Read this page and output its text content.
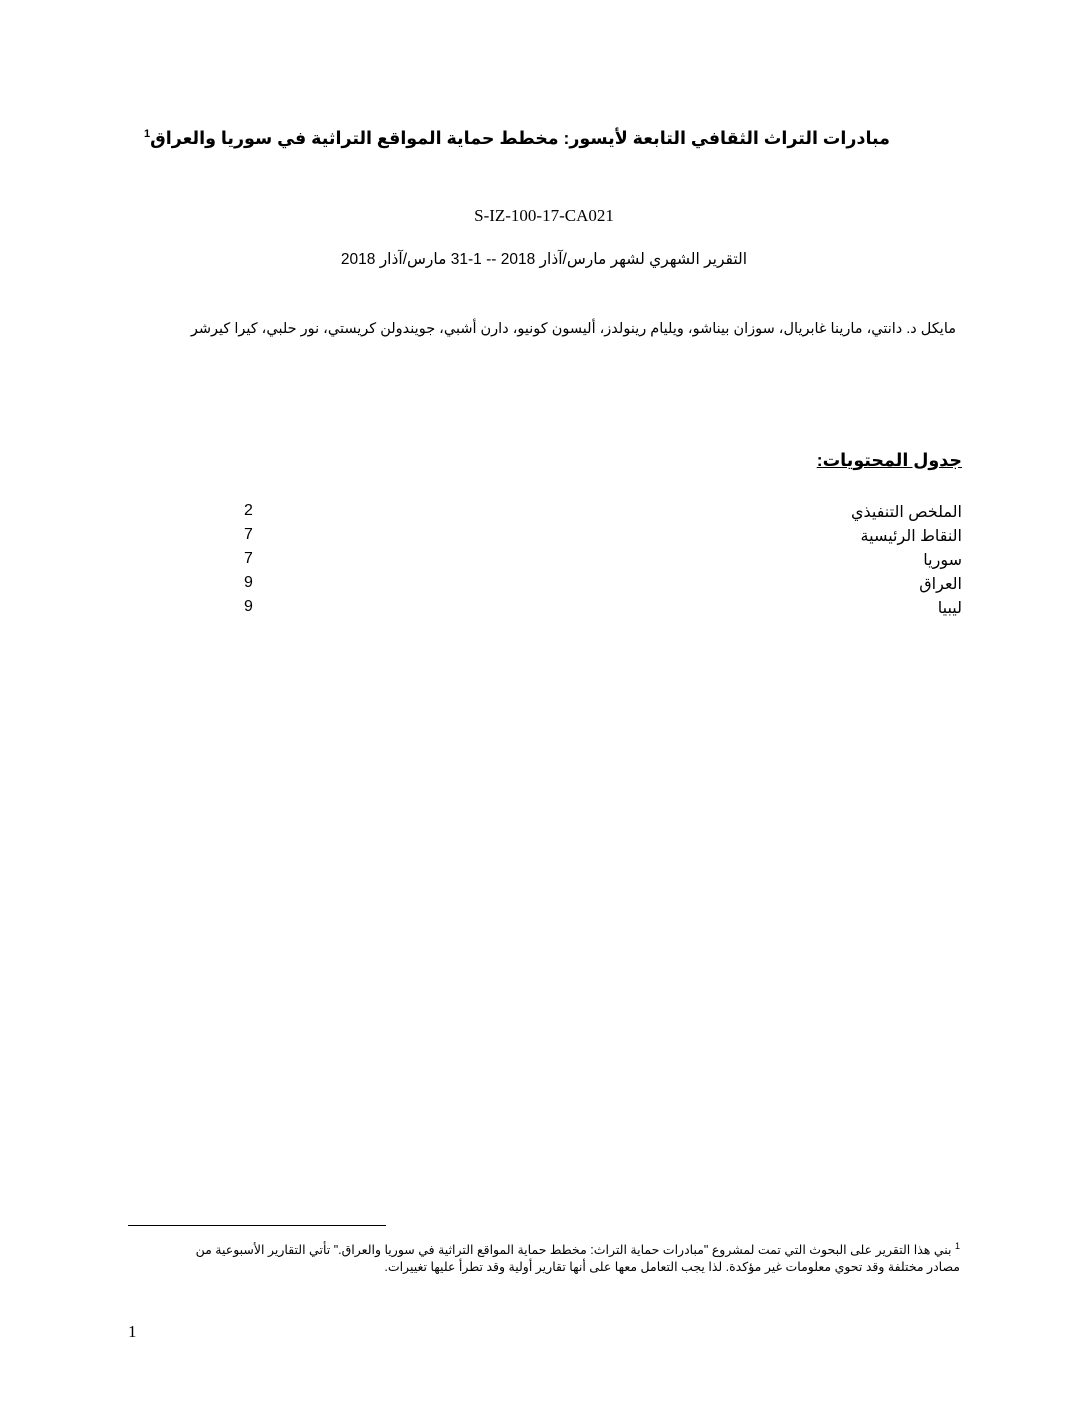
مبادرات التراث الثقافي التابعة لأيسور: مخطط حماية المواقع التراثية في سوريا والعراق$^1$
S-IZ-100-17-CA021
التقرير الشهري لشهر مارس/آذار 2018 -- 1-31 مارس/آذار 2018
مايكل د. دانتي، مارينا غابريال، سوزان بيناشو، ويليام رينولدز، أليسون كونيو، دارن أشبي، جويندولن كريستي، نور حلبي، كيرا كيرشر
جدول المحتويات:
الملخص التنفيذي
2
النقاط الرئيسية
7
سوريا
7
العراق
9
ليبيا
9
$^1$ بني هذا التقرير على البحوث التي تمت لمشروع "مبادرات حماية التراث: مخطط حماية المواقع التراثية في سوريا والعراق." تأتي التقارير الأسبوعية من مصادر مختلفة وقد تحوي معلومات غير مؤكدة. لذا يجب التعامل معها على أنها تقارير أولية وقد تطرأ عليها تغييرات.
1
